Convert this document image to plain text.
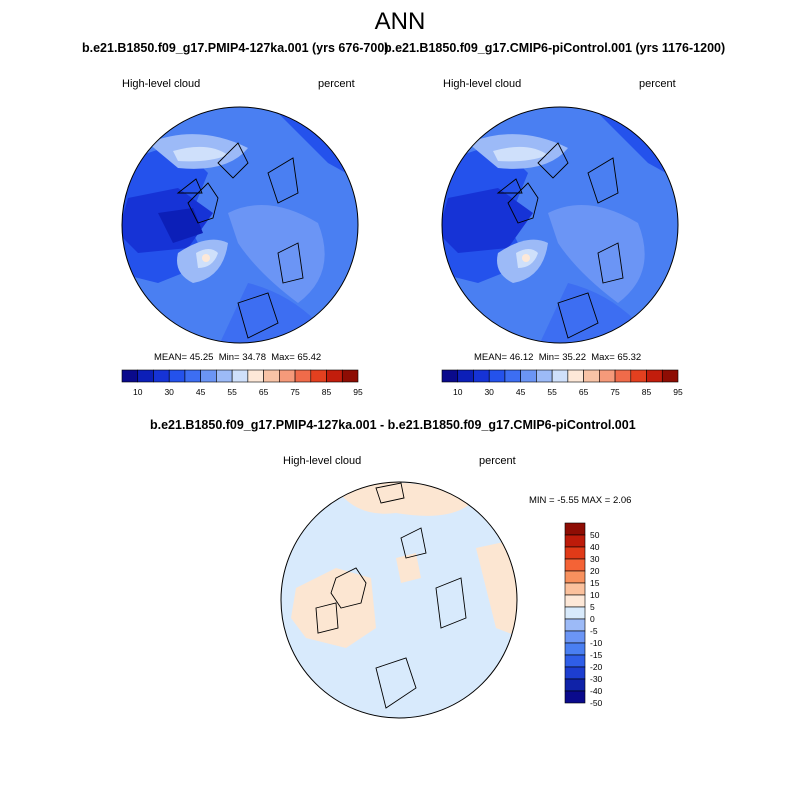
ANN
b.e21.B1850.f09_g17.PMIP4-127ka.001 (yrs 676-700)
High-level cloud	percent
MEAN= 45.25 Min= 34.78 Max= 65.42
10	30	45	55	65	75	85	95
b.e21.B1850.f09_g17.CMIP6-piControl.001 (yrs 1176-1200)
High-level cloud	percent
MEAN= 46.12 Min= 35.22 Max= 65.32
10	30	45	55	65	75	85	95
b.e21.B1850.f09_g17.PMIP4-127ka.001 - b.e21.B1850.f09_g17.CMIP6-piControl.001
High-level cloud	percent
MIN = -5.55 MAX = 2.06
50
40
30
20
15
10
5
0
-5
-10
-15
-20
-30
-40
-50
